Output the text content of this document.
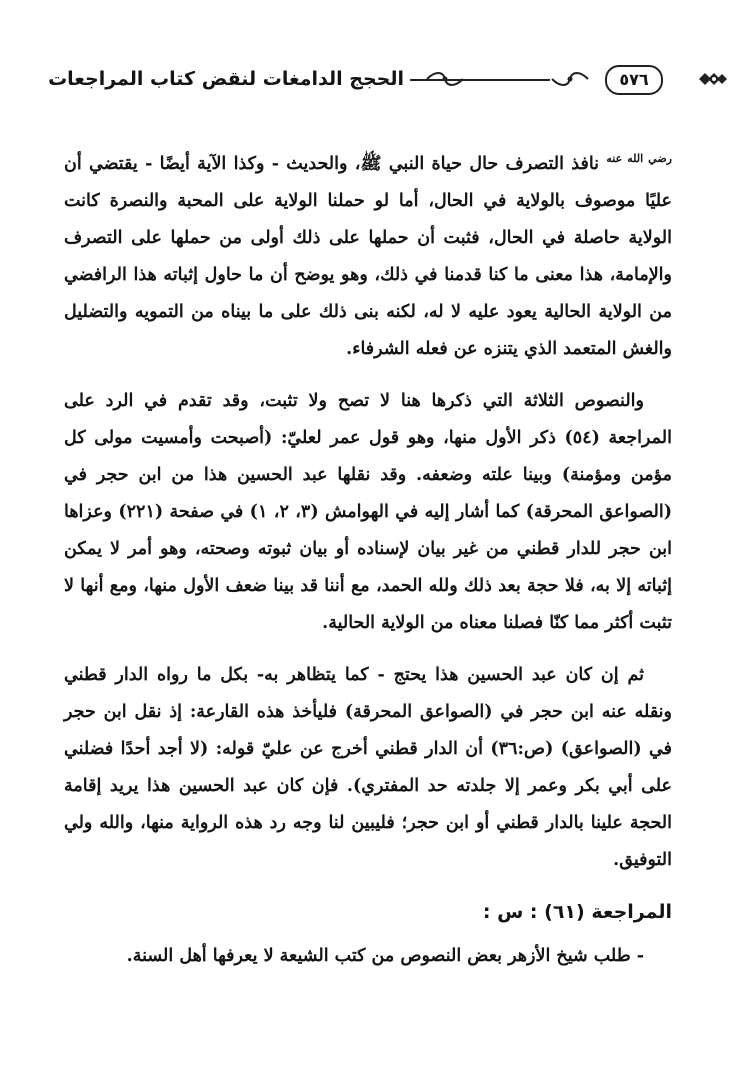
الحجج الدامغات لنقض كتاب المراجعات	٥٧٦

$^{رضي الله عنه}$ نافذ التصرف حال حياة النبي ﷺ، والحديث - وكذا الآية أيضًا - يقتضي أن عليًا موصوف بالولاية في الحال، أما لو حملنا الولاية على المحبة والنصرة كانت الولاية حاصلة في الحال، فثبت أن حملها على ذلك أولى من حملها على التصرف والإمامة، هذا معنى ما كنا قدمنا في ذلك، وهو يوضح أن ما حاول إثباته هذا الرافضي من الولاية الحالية يعود عليه لا له، لكنه بنى ذلك على ما بيناه من التمويه والتضليل والغش المتعمد الذي يتنزه عن فعله الشرفاء.

والنصوص الثلاثة التي ذكرها هنا لا تصح ولا تثبت، وقد تقدم في الرد على المراجعة (٥٤) ذكر الأول منها، وهو قول عمر لعليّ: (أصبحت وأمسيت مولى كل مؤمن ومؤمنة) وبينا علته وضعفه. وقد نقلها عبد الحسين هذا من ابن حجر في (الصواعق المحرقة) كما أشار إليه في الهوامش (٣، ٢، ١) في صفحة (٢٢١) وعزاها ابن حجر للدار قطني من غير بيان لإسناده أو بيان ثبوته وصحته، وهو أمر لا يمكن إثباته إلا به، فلا حجة بعد ذلك ولله الحمد، مع أننا قد بينا ضعف الأول منها، ومع أنها لا تثبت أكثر مما كنّا فصلنا معناه من الولاية الحالية.

ثم إن كان عبد الحسين هذا يحتج - كما يتظاهر به- بكل ما رواه الدار قطني ونقله عنه ابن حجر في (الصواعق المحرقة) فليأخذ هذه القارعة: إذ نقل ابن حجر في (الصواعق) (ص:٣٦) أن الدار قطني أخرج عن عليّ قوله: (لا أجد أحدًا فضلني على أبي بكر وعمر إلا جلدته حد المفتري). فإن كان عبد الحسين هذا يريد إقامة الحجة علينا بالدار قطني أو ابن حجر؛ فليبين لنا وجه رد هذه الرواية منها، والله ولي التوفيق.

المراجعة (٦١) : س :
- طلب شيخ الأزهر بعض النصوص من كتب الشيعة لا يعرفها أهل السنة.
